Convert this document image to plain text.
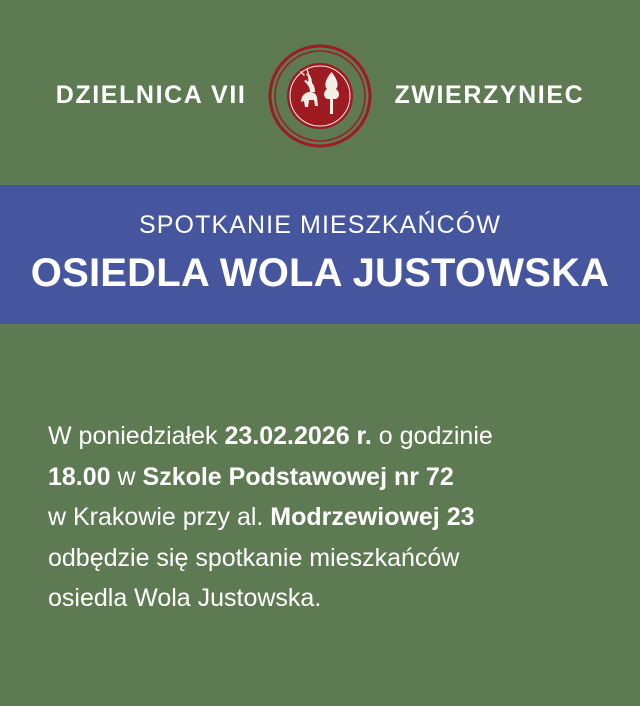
DZIELNICA VII	ZWIERZYNIEC
SPOTKANIE MIESZKAŃCÓW
OSIEDLA WOLA JUSTOWSKA
W poniedziałek 23.02.2026 r. o godzinie
18.00 w Szkole Podstawowej nr 72
w Krakowie przy al. Modrzewiowej 23
odbędzie się spotkanie mieszkańców
osiedla Wola Justowska.
